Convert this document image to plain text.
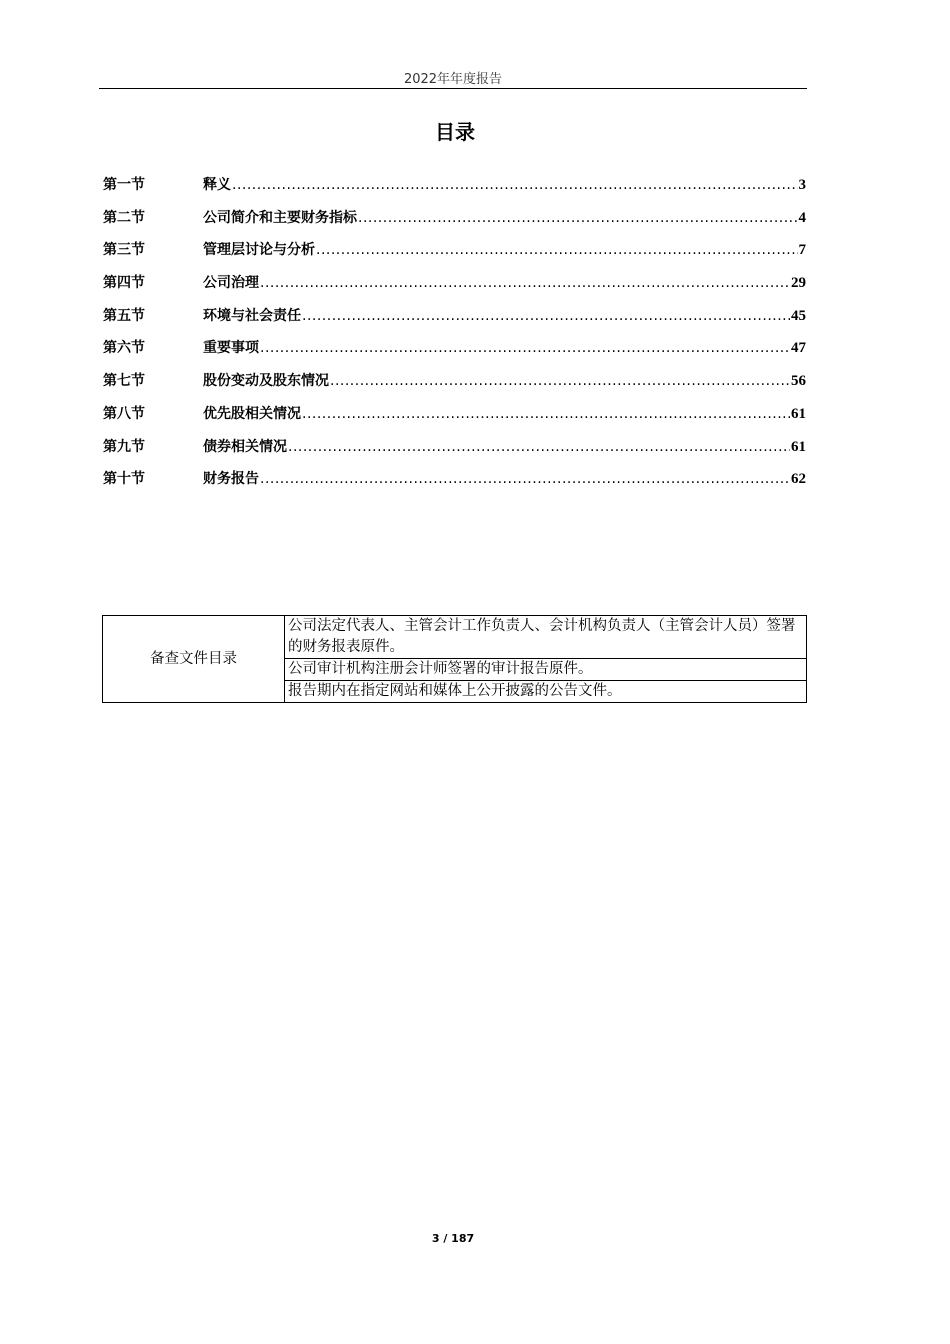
2022年年度报告
目录
第一节	释义 .....	3
第二节	公司简介和主要财务指标 .....	4
第三节	管理层讨论与分析 .....	7
第四节	公司治理 .....	29
第五节	环境与社会责任 .....	45
第六节	重要事项 .....	47
第七节	股份变动及股东情况 .....	56
第八节	优先股相关情况 .....	61
第九节	债券相关情况 .....	61
第十节	财务报告 .....	62
备查文件目录	公司法定代表人、主管会计工作负责人、会计机构负责人（主管会计人员）签署的财务报表原件。
公司审计机构注册会计师签署的审计报告原件。
报告期内在指定网站和媒体上公开披露的公告文件。
3 / 187
